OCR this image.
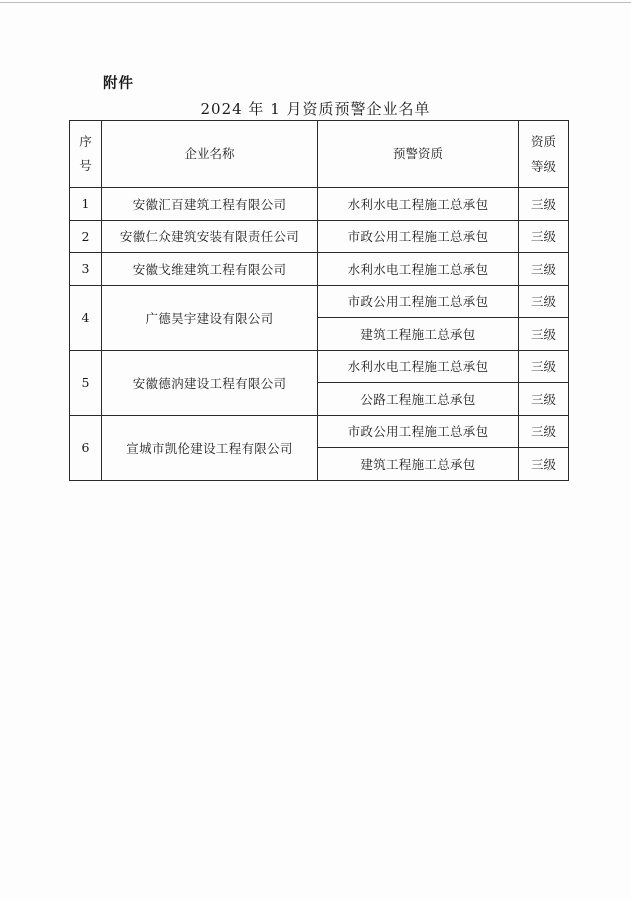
附件
2024 年 1 月资质预警企业名单
序号	企业名称	预警资质	资质等级
1	安徽汇百建筑工程有限公司	水利水电工程施工总承包	三级
2	安徽仁众建筑安装有限责任公司	市政公用工程施工总承包	三级
3	安徽戈维建筑工程有限公司	水利水电工程施工总承包	三级
4	广德昊宇建设有限公司	市政公用工程施工总承包	三级
		建筑工程施工总承包	三级
5	安徽德汭建设工程有限公司	水利水电工程施工总承包	三级
		公路工程施工总承包	三级
6	宣城市凯伦建设工程有限公司	市政公用工程施工总承包	三级
		建筑工程施工总承包	三级
